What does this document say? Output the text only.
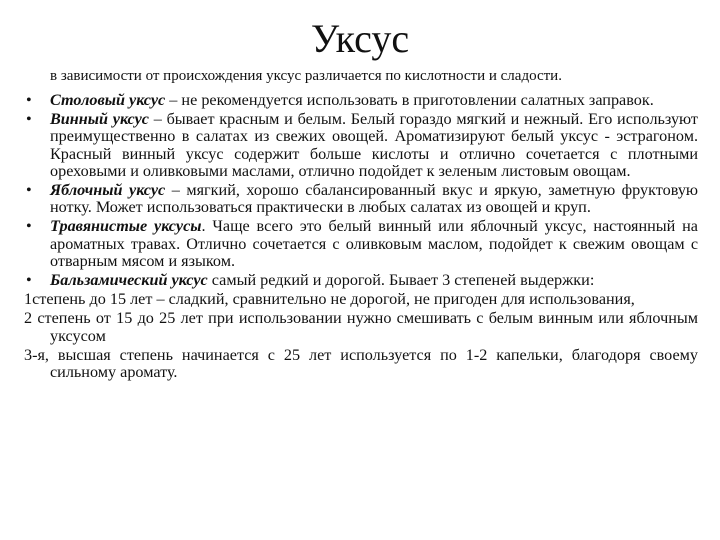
Уксус
в зависимости от происхождения уксус различается по кислотности и сладости.
• Столовый уксус – не рекомендуется использовать в приготовлении салатных заправок.
• Винный уксус – бывает красным и белым. Белый гораздо мягкий и нежный. Его используют преимущественно в салатах из свежих овощей. Ароматизируют белый уксус - эстрагоном. Красный винный уксус содержит больше кислоты и отлично сочетается с плотными ореховыми и оливковыми маслами, отлично подойдет к зеленым листовым овощам.
• Яблочный уксус – мягкий, хорошо сбалансированный вкус и яркую, заметную фруктовую нотку. Может использоваться практически в любых салатах из овощей и круп.
• Травянистые уксусы. Чаще всего это белый винный или яблочный уксус, настоянный на ароматных травах. Отлично сочетается с оливковым маслом, подойдет к свежим овощам с отварным мясом и языком.
• Бальзамический уксус самый редкий и дорогой. Бывает 3 степеней выдержки:
1степень до 15 лет – сладкий, сравнительно не дорогой, не пригоден для использования,
2 степень от 15 до 25 лет при использовании нужно смешивать с белым винным или яблочным уксусом
3-я, высшая степень начинается с 25 лет используется по 1-2 капельки, благодоря своему сильному аромату.
